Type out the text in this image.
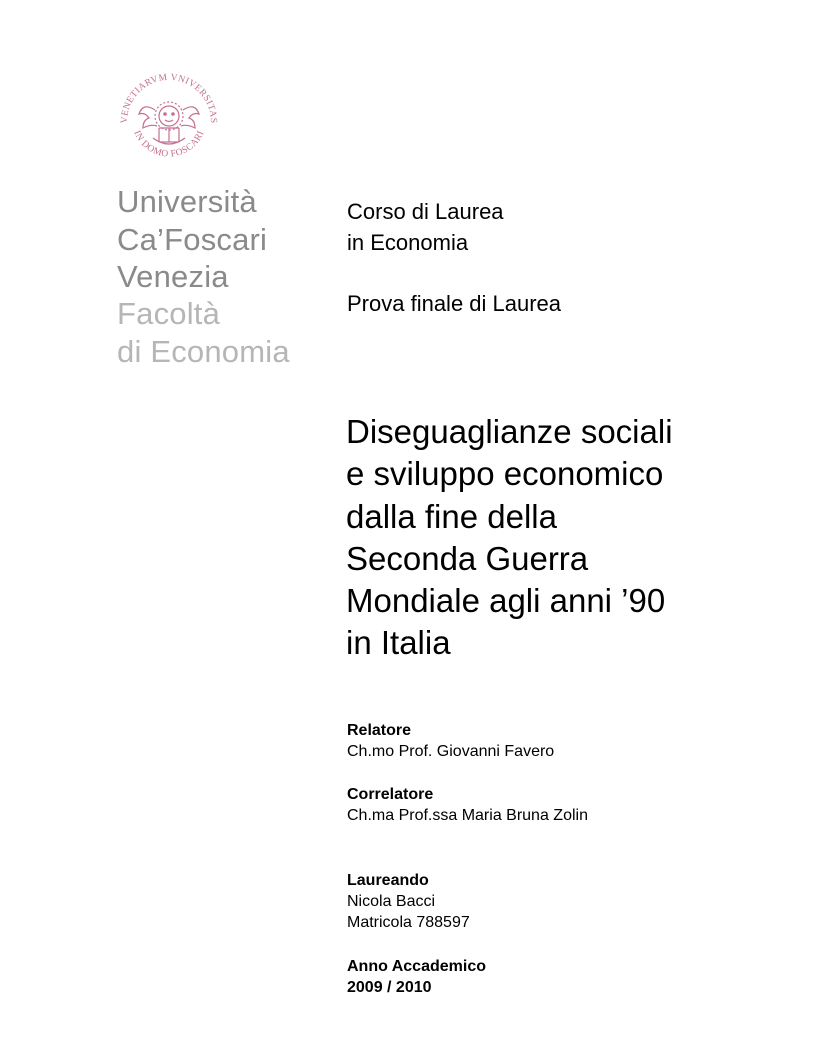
VENETIARVM VNIVERSITAS
IN DOMO FOSCARI
Università
Ca’Foscari
Venezia
Facoltà
di Economia
Corso di Laurea
in Economia
Prova finale di Laurea
Diseguaglianze sociali
e sviluppo economico
dalla fine della
Seconda Guerra
Mondiale agli anni ’90
in Italia
Relatore
Ch.mo Prof. Giovanni Favero
Correlatore
Ch.ma Prof.ssa Maria Bruna Zolin
Laureando
Nicola Bacci
Matricola 788597
Anno Accademico
2009 / 2010
